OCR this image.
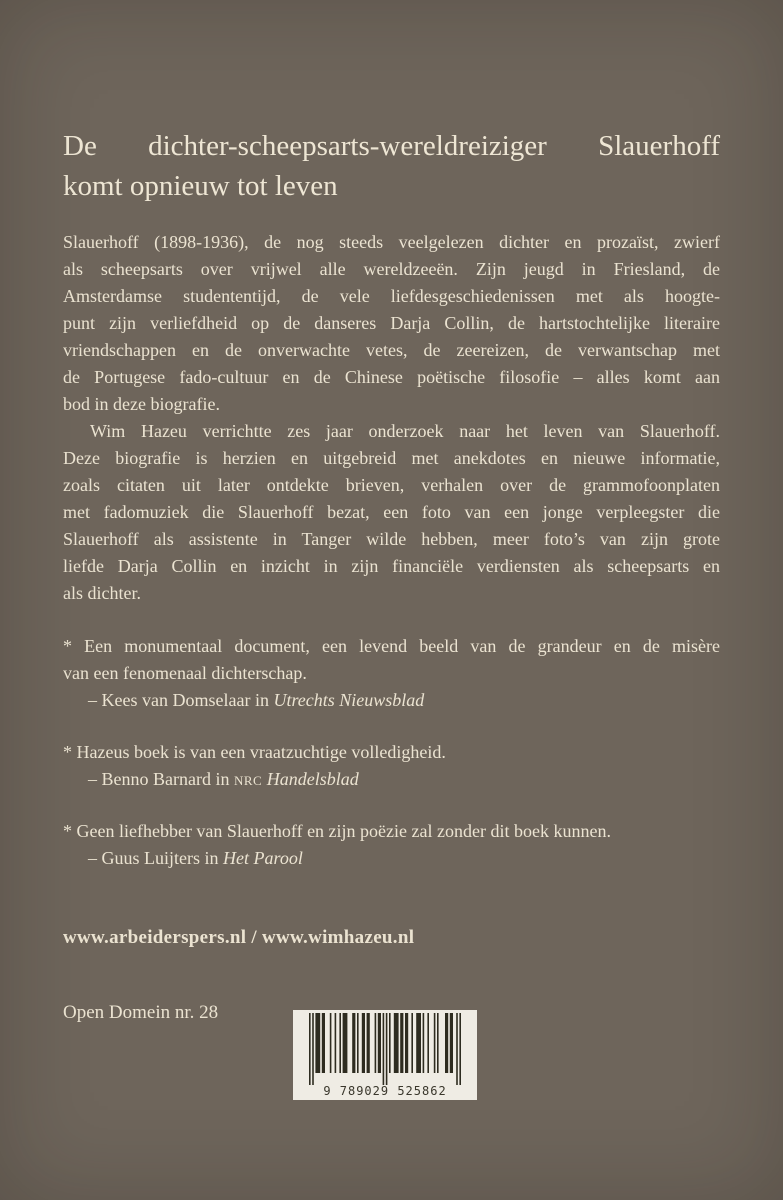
De dichter-scheepsarts-wereldreiziger Slauerhoff
komt opnieuw tot leven
Slauerhoff (1898-1936), de nog steeds veelgelezen dichter en prozaïst, zwierf
als scheepsarts over vrijwel alle wereldzeeën. Zijn jeugd in Friesland, de
Amsterdamse studententijd, de vele liefdesgeschiedenissen met als hoogte-
punt zijn verliefdheid op de danseres Darja Collin, de hartstochtelijke literaire
vriendschappen en de onverwachte vetes, de zeereizen, de verwantschap met
de Portugese fado-cultuur en de Chinese poëtische filosofie – alles komt aan
bod in deze biografie.
Wim Hazeu verrichtte zes jaar onderzoek naar het leven van Slauerhoff.
Deze biografie is herzien en uitgebreid met anekdotes en nieuwe informatie,
zoals citaten uit later ontdekte brieven, verhalen over de grammofoonplaten
met fadomuziek die Slauerhoff bezat, een foto van een jonge verpleegster die
Slauerhoff als assistente in Tanger wilde hebben, meer foto’s van zijn grote
liefde Darja Collin en inzicht in zijn financiële verdiensten als scheepsarts en
als dichter.
* Een monumentaal document, een levend beeld van de grandeur en de misère
van een fenomenaal dichterschap.
– Kees van Domselaar in Utrechts Nieuwsblad
* Hazeus boek is van een vraatzuchtige volledigheid.
– Benno Barnard in nrc Handelsblad
* Geen liefhebber van Slauerhoff en zijn poëzie zal zonder dit boek kunnen.
– Guus Luijters in Het Parool
www.arbeiderspers.nl / www.wimhazeu.nl
Open Domein nr. 28
9 789029 525862
